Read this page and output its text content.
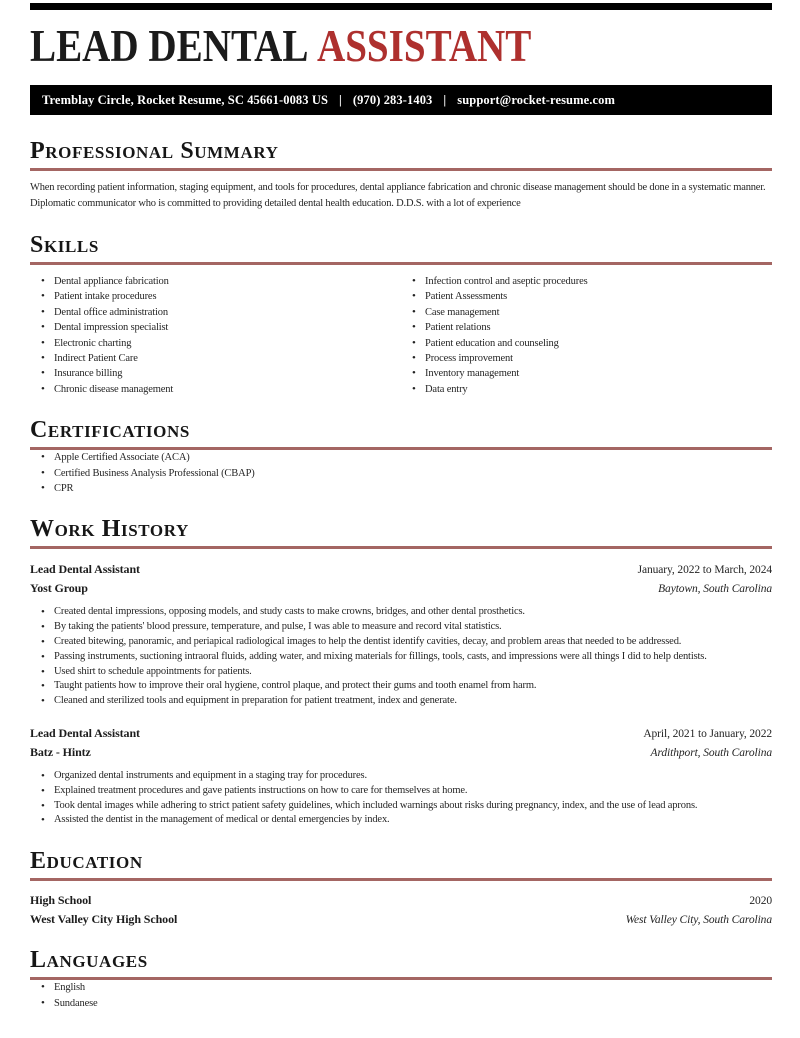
LEAD DENTAL ASSISTANT
Tremblay Circle, Rocket Resume, SC 45661-0083 US | (970) 283-1403 | support@rocket-resume.com
Professional Summary
When recording patient information, staging equipment, and tools for procedures, dental appliance fabrication and chronic disease management should be done in a systematic manner. Diplomatic communicator who is committed to providing detailed dental health education. D.D.S. with a lot of experience
Skills
• Dental appliance fabrication
• Patient intake procedures
• Dental office administration
• Dental impression specialist
• Electronic charting
• Indirect Patient Care
• Insurance billing
• Chronic disease management
• Infection control and aseptic procedures
• Patient Assessments
• Case management
• Patient relations
• Patient education and counseling
• Process improvement
• Inventory management
• Data entry
Certifications
• Apple Certified Associate (ACA)
• Certified Business Analysis Professional (CBAP)
• CPR
Work History
Lead Dental Assistant	January, 2022 to March, 2024
Yost Group	Baytown, South Carolina
• Created dental impressions, opposing models, and study casts to make crowns, bridges, and other dental prosthetics.
• By taking the patients' blood pressure, temperature, and pulse, I was able to measure and record vital statistics.
• Created bitewing, panoramic, and periapical radiological images to help the dentist identify cavities, decay, and problem areas that needed to be addressed.
• Passing instruments, suctioning intraoral fluids, adding water, and mixing materials for fillings, tools, casts, and impressions were all things I did to help dentists.
• Used shirt to schedule appointments for patients.
• Taught patients how to improve their oral hygiene, control plaque, and protect their gums and tooth enamel from harm.
• Cleaned and sterilized tools and equipment in preparation for patient treatment, index and generate.
Lead Dental Assistant	April, 2021 to January, 2022
Batz - Hintz	Ardithport, South Carolina
• Organized dental instruments and equipment in a staging tray for procedures.
• Explained treatment procedures and gave patients instructions on how to care for themselves at home.
• Took dental images while adhering to strict patient safety guidelines, which included warnings about risks during pregnancy, index, and the use of lead aprons.
• Assisted the dentist in the management of medical or dental emergencies by index.
Education
High School	2020
West Valley City High School	West Valley City, South Carolina
Languages
• English
• Sundanese
